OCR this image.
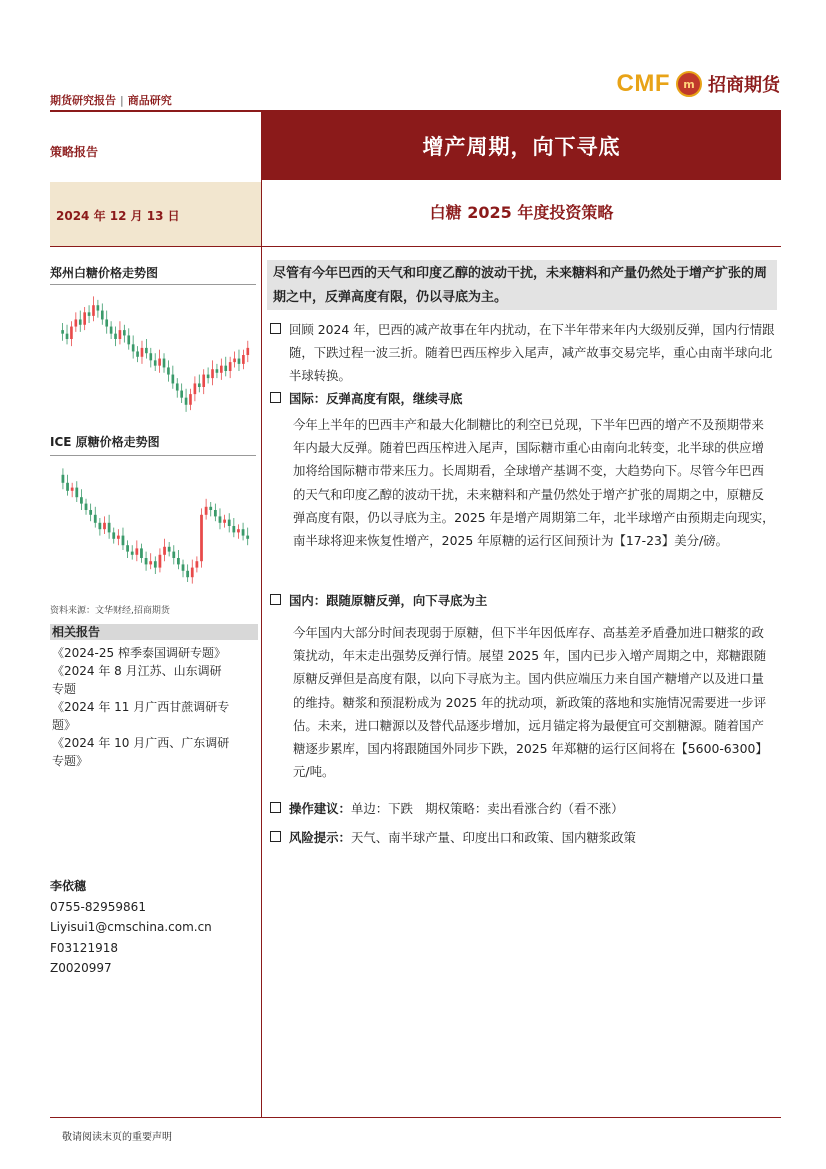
期货研究报告 | 商品研究
CMF	m 招商期货
策略报告	增产周期，向下寻底
2024 年 12 月 13 日	白糖 2025 年度投资策略
郑州白糖价格走势图
ICE 原糖价格走势图
资料来源：文华财经,招商期货
相关报告
《2024-25 榨季泰国调研专题》
《2024 年 8 月江苏、山东调研
专题
《2024 年 11 月广西甘蔗调研专
题》
《2024 年 10 月广西、广东调研
专题》
李依穗
0755-82959861
Liyisui1@cmschina.com.cn
F03121918
Z0020997
尽管有今年巴西的天气和印度乙醇的波动干扰，未来糖料和产量仍然处于增产扩张的周期之中，反弹高度有限，仍以寻底为主。
回顾 2024 年，巴西的减产故事在年内扰动，在下半年带来年内大级别反弹，国内行情跟随，下跌过程一波三折。随着巴西压榨步入尾声，减产故事交易完毕，重心由南半球向北半球转换。
国际：反弹高度有限，继续寻底
今年上半年的巴西丰产和最大化制糖比的利空已兑现，下半年巴西的增产不及预期带来年内最大反弹。随着巴西压榨进入尾声，国际糖市重心由南向北转变，北半球的供应增加将给国际糖市带来压力。长周期看，全球增产基调不变，大趋势向下。尽管今年巴西的天气和印度乙醇的波动干扰，未来糖料和产量仍然处于增产扩张的周期之中，原糖反弹高度有限，仍以寻底为主。2025 年是增产周期第二年，北半球增产由预期走向现实，南半球将迎来恢复性增产，2025 年原糖的运行区间预计为【17-23】美分/磅。
国内：跟随原糖反弹，向下寻底为主
今年国内大部分时间表现弱于原糖，但下半年因低库存、高基差矛盾叠加进口糖浆的政策扰动，年末走出强势反弹行情。展望 2025 年，国内已步入增产周期之中，郑糖跟随原糖反弹但是高度有限，以向下寻底为主。国内供应端压力来自国产糖增产以及进口量的维持。糖浆和预混粉成为 2025 年的扰动项，新政策的落地和实施情况需要进一步评估。未来，进口糖源以及替代品逐步增加，远月锚定将为最便宜可交割糖源。随着国产糖逐步累库，国内将跟随国外同步下跌，2025 年郑糖的运行区间将在【5600-6300】元/吨。
操作建议：单边：下跌　期权策略：卖出看涨合约（看不涨）
风险提示：天气、南半球产量、印度出口和政策、国内糖浆政策
敬请阅读末页的重要声明
